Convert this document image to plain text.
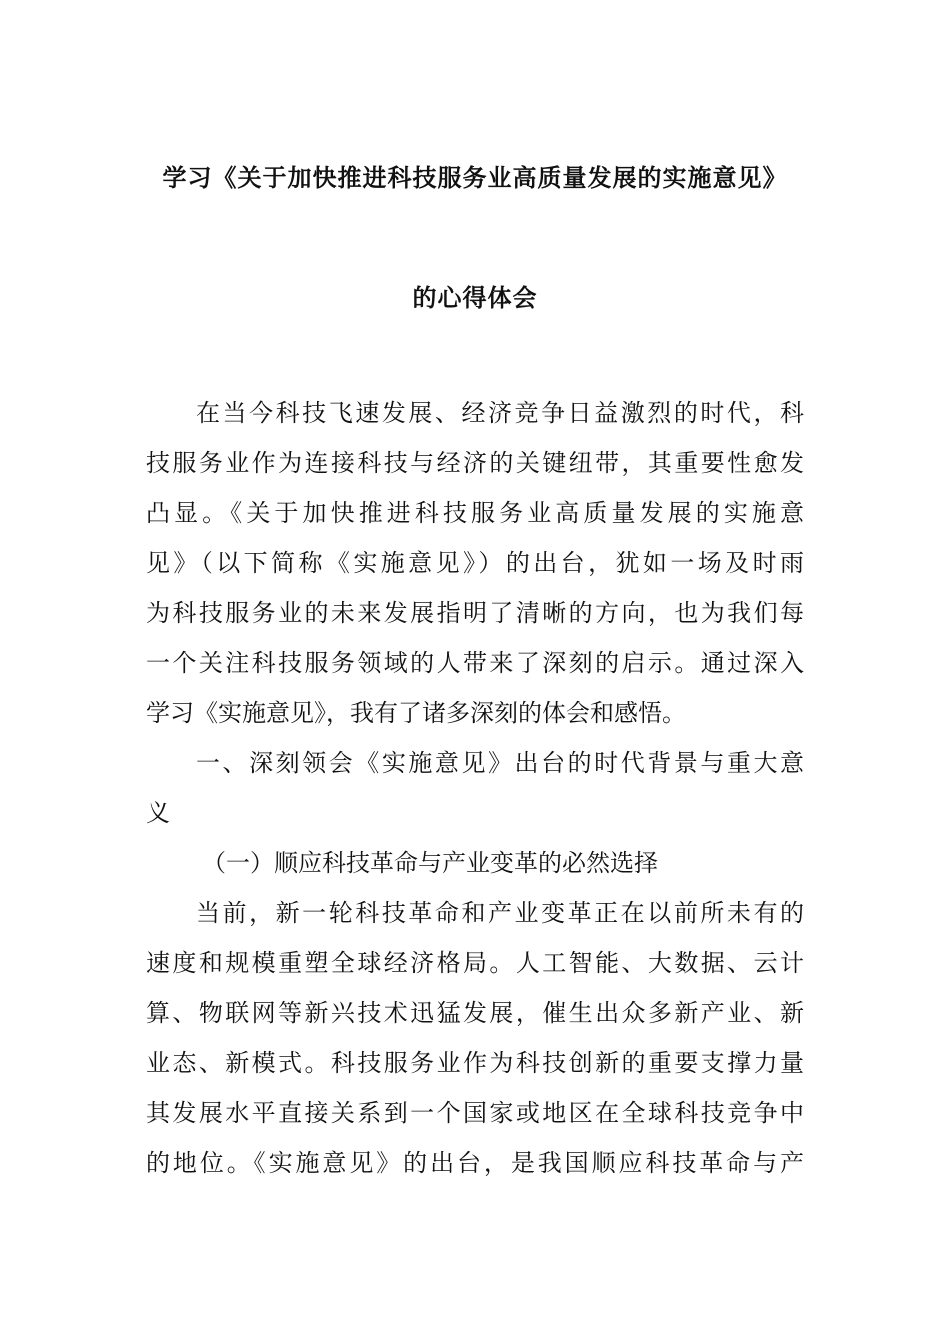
学习《关于加快推进科技服务业高质量发展的实施意见》
的心得体会
在当今科技飞速发展、经济竞争日益激烈的时代，科
技服务业作为连接科技与经济的关键纽带，其重要性愈发
凸显。《关于加快推进科技服务业高质量发展的实施意
见》（以下简称《实施意见》）的出台，犹如一场及时雨
为科技服务业的未来发展指明了清晰的方向，也为我们每
一个关注科技服务领域的人带来了深刻的启示。通过深入
学习《实施意见》，我有了诸多深刻的体会和感悟。
一、深刻领会《实施意见》出台的时代背景与重大意
义
（一）顺应科技革命与产业变革的必然选择
当前，新一轮科技革命和产业变革正在以前所未有的
速度和规模重塑全球经济格局。人工智能、大数据、云计
算、物联网等新兴技术迅猛发展，催生出众多新产业、新
业态、新模式。科技服务业作为科技创新的重要支撑力量
其发展水平直接关系到一个国家或地区在全球科技竞争中
的地位。《实施意见》的出台，是我国顺应科技革命与产
